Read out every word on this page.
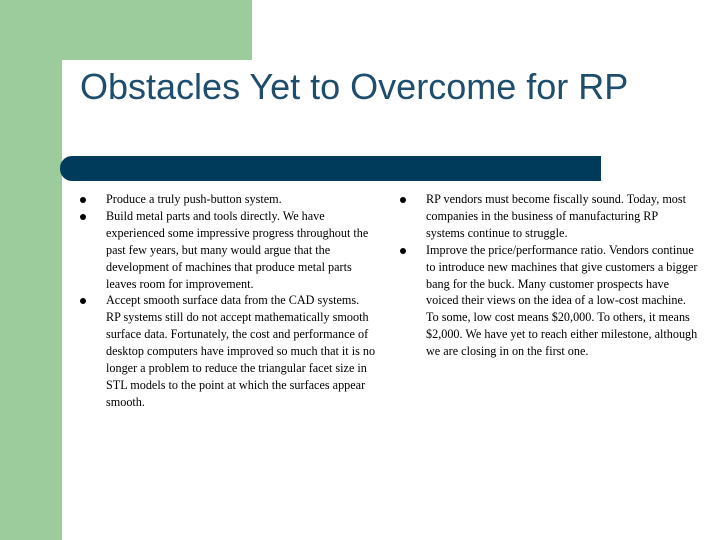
Obstacles Yet to Overcome for RP
Produce a truly push-button system.
Build metal parts and tools directly. We have experienced some impressive progress throughout the past few years, but many would argue that the development of machines that produce metal parts leaves room for improvement.
Accept smooth surface data from the CAD systems. RP systems still do not accept mathematically smooth surface data. Fortunately, the cost and performance of desktop computers have improved so much that it is no longer a problem to reduce the triangular facet size in STL models to the point at which the surfaces appear smooth.
RP vendors must become fiscally sound. Today, most companies in the business of manufacturing RP systems continue to struggle.
Improve the price/performance ratio. Vendors continue to introduce new machines that give customers a bigger bang for the buck. Many customer prospects have voiced their views on the idea of a low-cost machine. To some, low cost means $20,000. To others, it means $2,000. We have yet to reach either milestone, although we are closing in on the first one.
